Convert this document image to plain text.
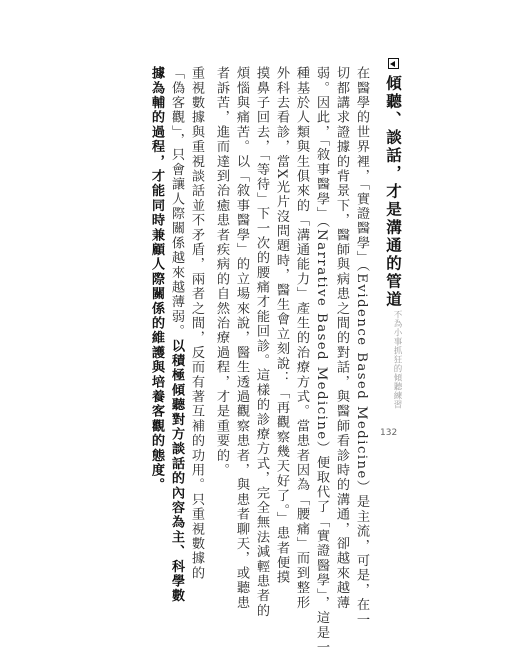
傾聽、談話，才是溝通的管道
在醫學的世界裡，「實證醫學」（Evidence Based Medicine）是主流，可是，在一
切都講求證據的背景下，醫師與病患之間的對話，與醫師看診時的溝通，卻越來越薄
弱。因此，「敘事醫學」（Narrative Based Medicine）便取代了「實證醫學」，這是一
種基於人類與生俱來的「溝通能力」產生的治療方式。當患者因為「腰痛」而到整形
外科去看診，當X光片沒問題時，醫生會立刻說：「再觀察幾天好了。」患者便摸
摸鼻子回去，「等待」下一次的腰痛才能回診。這樣的診療方式，完全無法減輕患者的
煩惱與痛苦。以「敘事醫學」的立場來說，醫生透過觀察患者，與患者聊天，或聽患
者訴苦，進而達到治癒患者疾病的自然治療過程，才是重要的。
重視數據與重視談話並不矛盾，兩者之間，反而有著互補的功用。只重視數據的
「偽客觀」，只會讓人際關係越來越薄弱。以積極傾聽對方談話的內容為主、科學數
據為輔的過程，才能同時兼顧人際關係的維護與培養客觀的態度。	不為小事抓狂的傾聽練習
132
